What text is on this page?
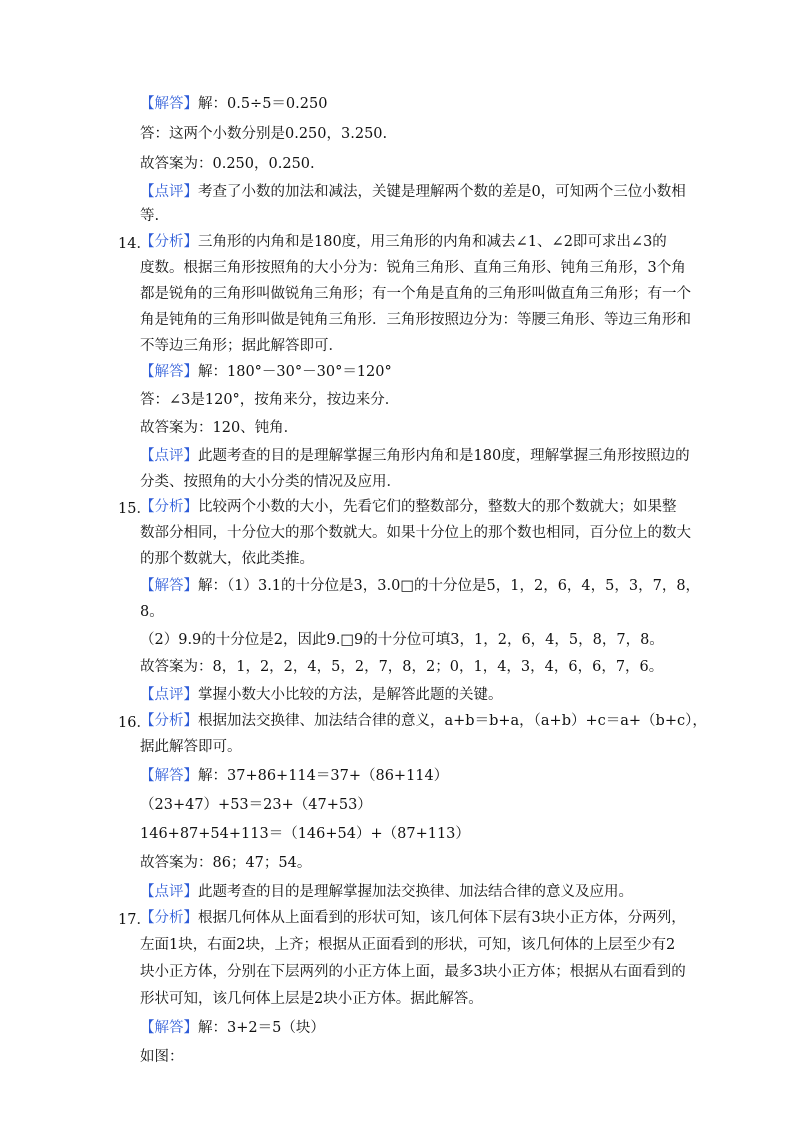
【解答】解：0.5÷5＝0.250
答：这两个小数分别是0.250，3.250.
故答案为：0.250，0.250.
【点评】考查了小数的加法和减法，关键是理解两个数的差是0，可知两个三位小数相
等.
14．
【分析】三角形的内角和是180度，用三角形的内角和减去∠1、∠2即可求出∠3的
度数。根据三角形按照角的大小分为：锐角三角形、直角三角形、钝角三角形，3个角
都是锐角的三角形叫做锐角三角形；有一个角是直角的三角形叫做直角三角形；有一个
角是钝角的三角形叫做是钝角三角形．三角形按照边分为：等腰三角形、等边三角形和
不等边三角形；据此解答即可．
【解答】解：180°－30°－30°＝120°
答：∠3是120°，按角来分，按边来分．
故答案为：120、钝角．
【点评】此题考查的目的是理解掌握三角形内角和是180度，理解掌握三角形按照边的
分类、按照角的大小分类的情况及应用．
15．
【分析】比较两个小数的大小，先看它们的整数部分，整数大的那个数就大；如果整
数部分相同，十分位大的那个数就大。如果十分位上的那个数也相同，百分位上的数大
的那个数就大，依此类推。
【解答】解：（1）3.1的十分位是3，3.0□的十分位是5，1，2，6，4，5，3，7，8，
8。
（2）9.9的十分位是2，因此9.□9的十分位可填3，1，2，6，4，5，8，7，8。
故答案为：8，1，2，2，4，5，2，7，8，2；0，1，4，3，4，6，6，7，6。
【点评】掌握小数大小比较的方法，是解答此题的关键。
16．
【分析】根据加法交换律、加法结合律的意义，a+b＝b+a，（a+b）+c＝a+（b+c），
据此解答即可。
【解答】解：37+86+114＝37+（86+114）
（23+47）+53＝23+（47+53）
146+87+54+113＝（146+54）+（87+113）
故答案为：86；47；54。
【点评】此题考查的目的是理解掌握加法交换律、加法结合律的意义及应用。
17．
【分析】根据几何体从上面看到的形状可知，该几何体下层有3块小正方体，分两列，
左面1块，右面2块，上齐；根据从正面看到的形状，可知，该几何体的上层至少有2
块小正方体，分别在下层两列的小正方体上面，最多3块小正方体；根据从右面看到的
形状可知，该几何体上层是2块小正方体。据此解答。
【解答】解：3+2＝5（块）
如图：
